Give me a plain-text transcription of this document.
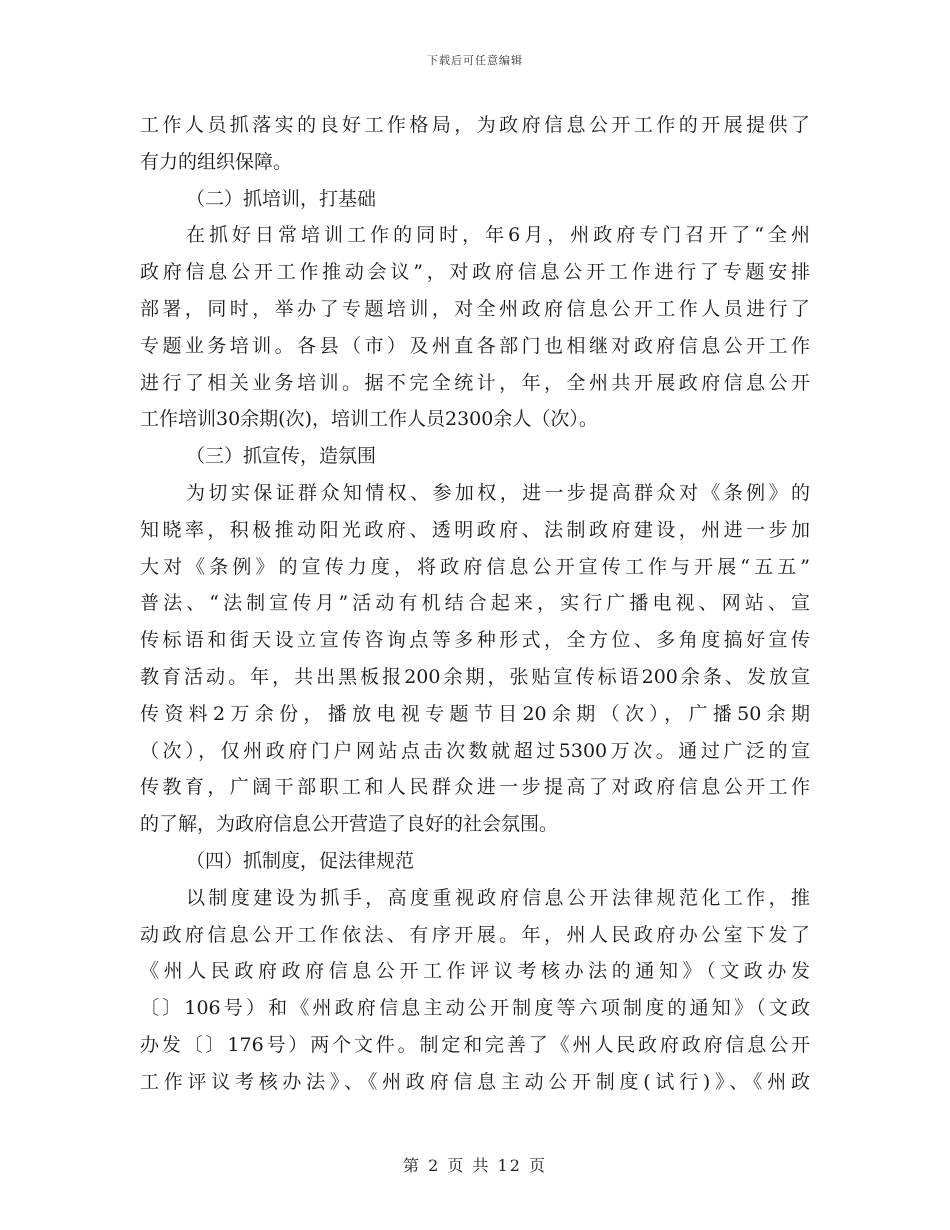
下载后可任意编辑
工作人员抓落实的良好工作格局，为政府信息公开工作的开展提供了
有力的组织保障。
（二）抓培训，打基础
在抓好日常培训工作的同时，年6月，州政府专门召开了“全州
政府信息公开工作推动会议”，对政府信息公开工作进行了专题安排
部署，同时，举办了专题培训，对全州政府信息公开工作人员进行了
专题业务培训。各县（市）及州直各部门也相继对政府信息公开工作
进行了相关业务培训。据不完全统计，年，全州共开展政府信息公开
工作培训30余期(次)，培训工作人员2300余人（次）。
（三）抓宣传，造氛围
为切实保证群众知情权、参加权，进一步提高群众对《条例》的
知晓率，积极推动阳光政府、透明政府、法制政府建设，州进一步加
大对《条例》的宣传力度，将政府信息公开宣传工作与开展“五五”
普法、“法制宣传月”活动有机结合起来，实行广播电视、网站、宣
传标语和街天设立宣传咨询点等多种形式，全方位、多角度搞好宣传
教育活动。年，共出黑板报200余期，张贴宣传标语200余条、发放宣
传资料2万余份，播放电视专题节目20余期（次），广播50余期
（次），仅州政府门户网站点击次数就超过5300万次。通过广泛的宣
传教育，广阔干部职工和人民群众进一步提高了对政府信息公开工作
的了解，为政府信息公开营造了良好的社会氛围。
（四）抓制度，促法律规范
以制度建设为抓手，高度重视政府信息公开法律规范化工作，推
动政府信息公开工作依法、有序开展。年，州人民政府办公室下发了
《州人民政府政府信息公开工作评议考核办法的通知》（文政办发
〔〕106号）和《州政府信息主动公开制度等六项制度的通知》（文政
办发〔〕176号）两个文件。制定和完善了《州人民政府政府信息公开
工作评议考核办法》、《州政府信息主动公开制度(试行)》、《州政
第 2 页 共 12 页
